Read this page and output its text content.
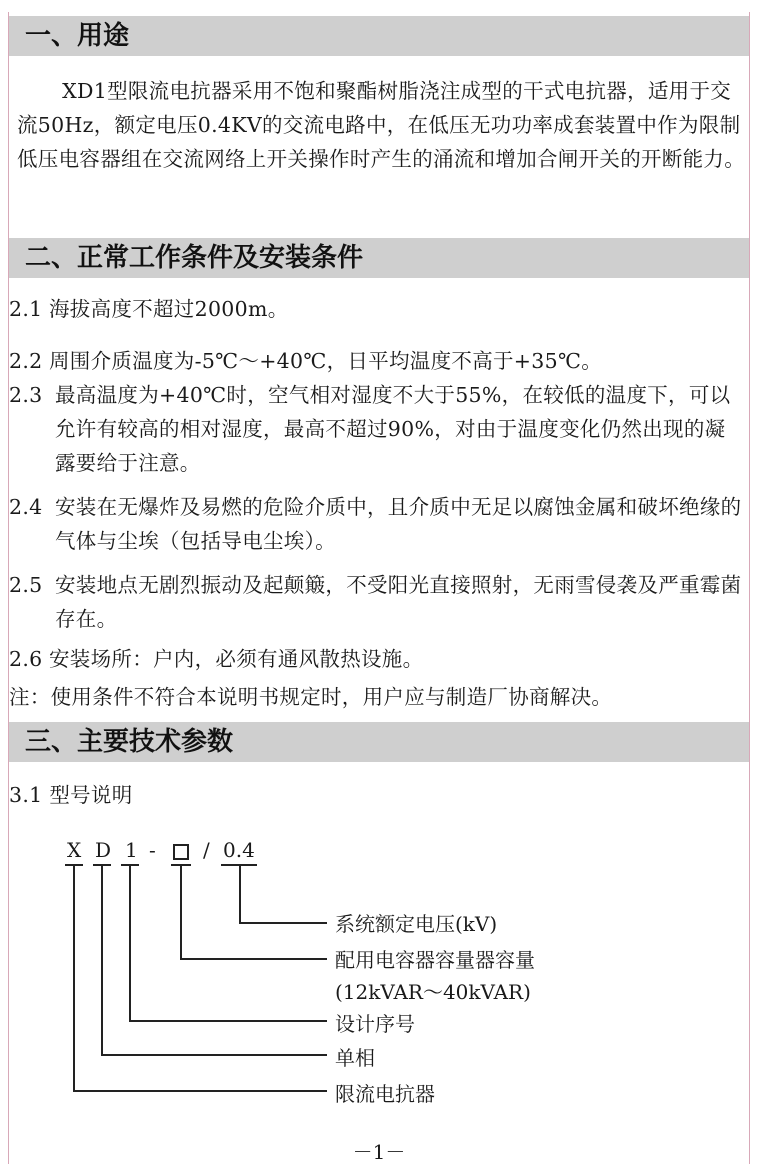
一、用途

XD1型限流电抗器采用不饱和聚酯树脂浇注成型的干式电抗器，适用于交流50Hz，额定电压0.4KV的交流电路中，在低压无功功率成套装置中作为限制低压电容器组在交流网络上开关操作时产生的涌流和增加合闸开关的开断能力。

二、正常工作条件及安装条件
2.1 海拔高度不超过2000m。
2.2 周围介质温度为-5℃～+40℃，日平均温度不高于+35℃。
2.3 最高温度为+40℃时，空气相对湿度不大于55%，在较低的温度下，可以允许有较高的相对湿度，最高不超过90%，对由于温度变化仍然出现的凝露要给于注意。
2.4 安装在无爆炸及易燃的危险介质中，且介质中无足以腐蚀金属和破坏绝缘的气体与尘埃（包括导电尘埃）。
2.5 安装地点无剧烈振动及起颠簸，不受阳光直接照射，无雨雪侵袭及严重霉菌存在。
2.6 安装场所：户内，必须有通风散热设施。
注：使用条件不符合本说明书规定时，用户应与制造厂协商解决。
三、主要技术参数
3.1 型号说明
X D 1 - / 0.4
系统额定电压(kV)
配用电容器容量器容量
(12kVAR～40kVAR)
设计序号
单相
限流电抗器
－1－
